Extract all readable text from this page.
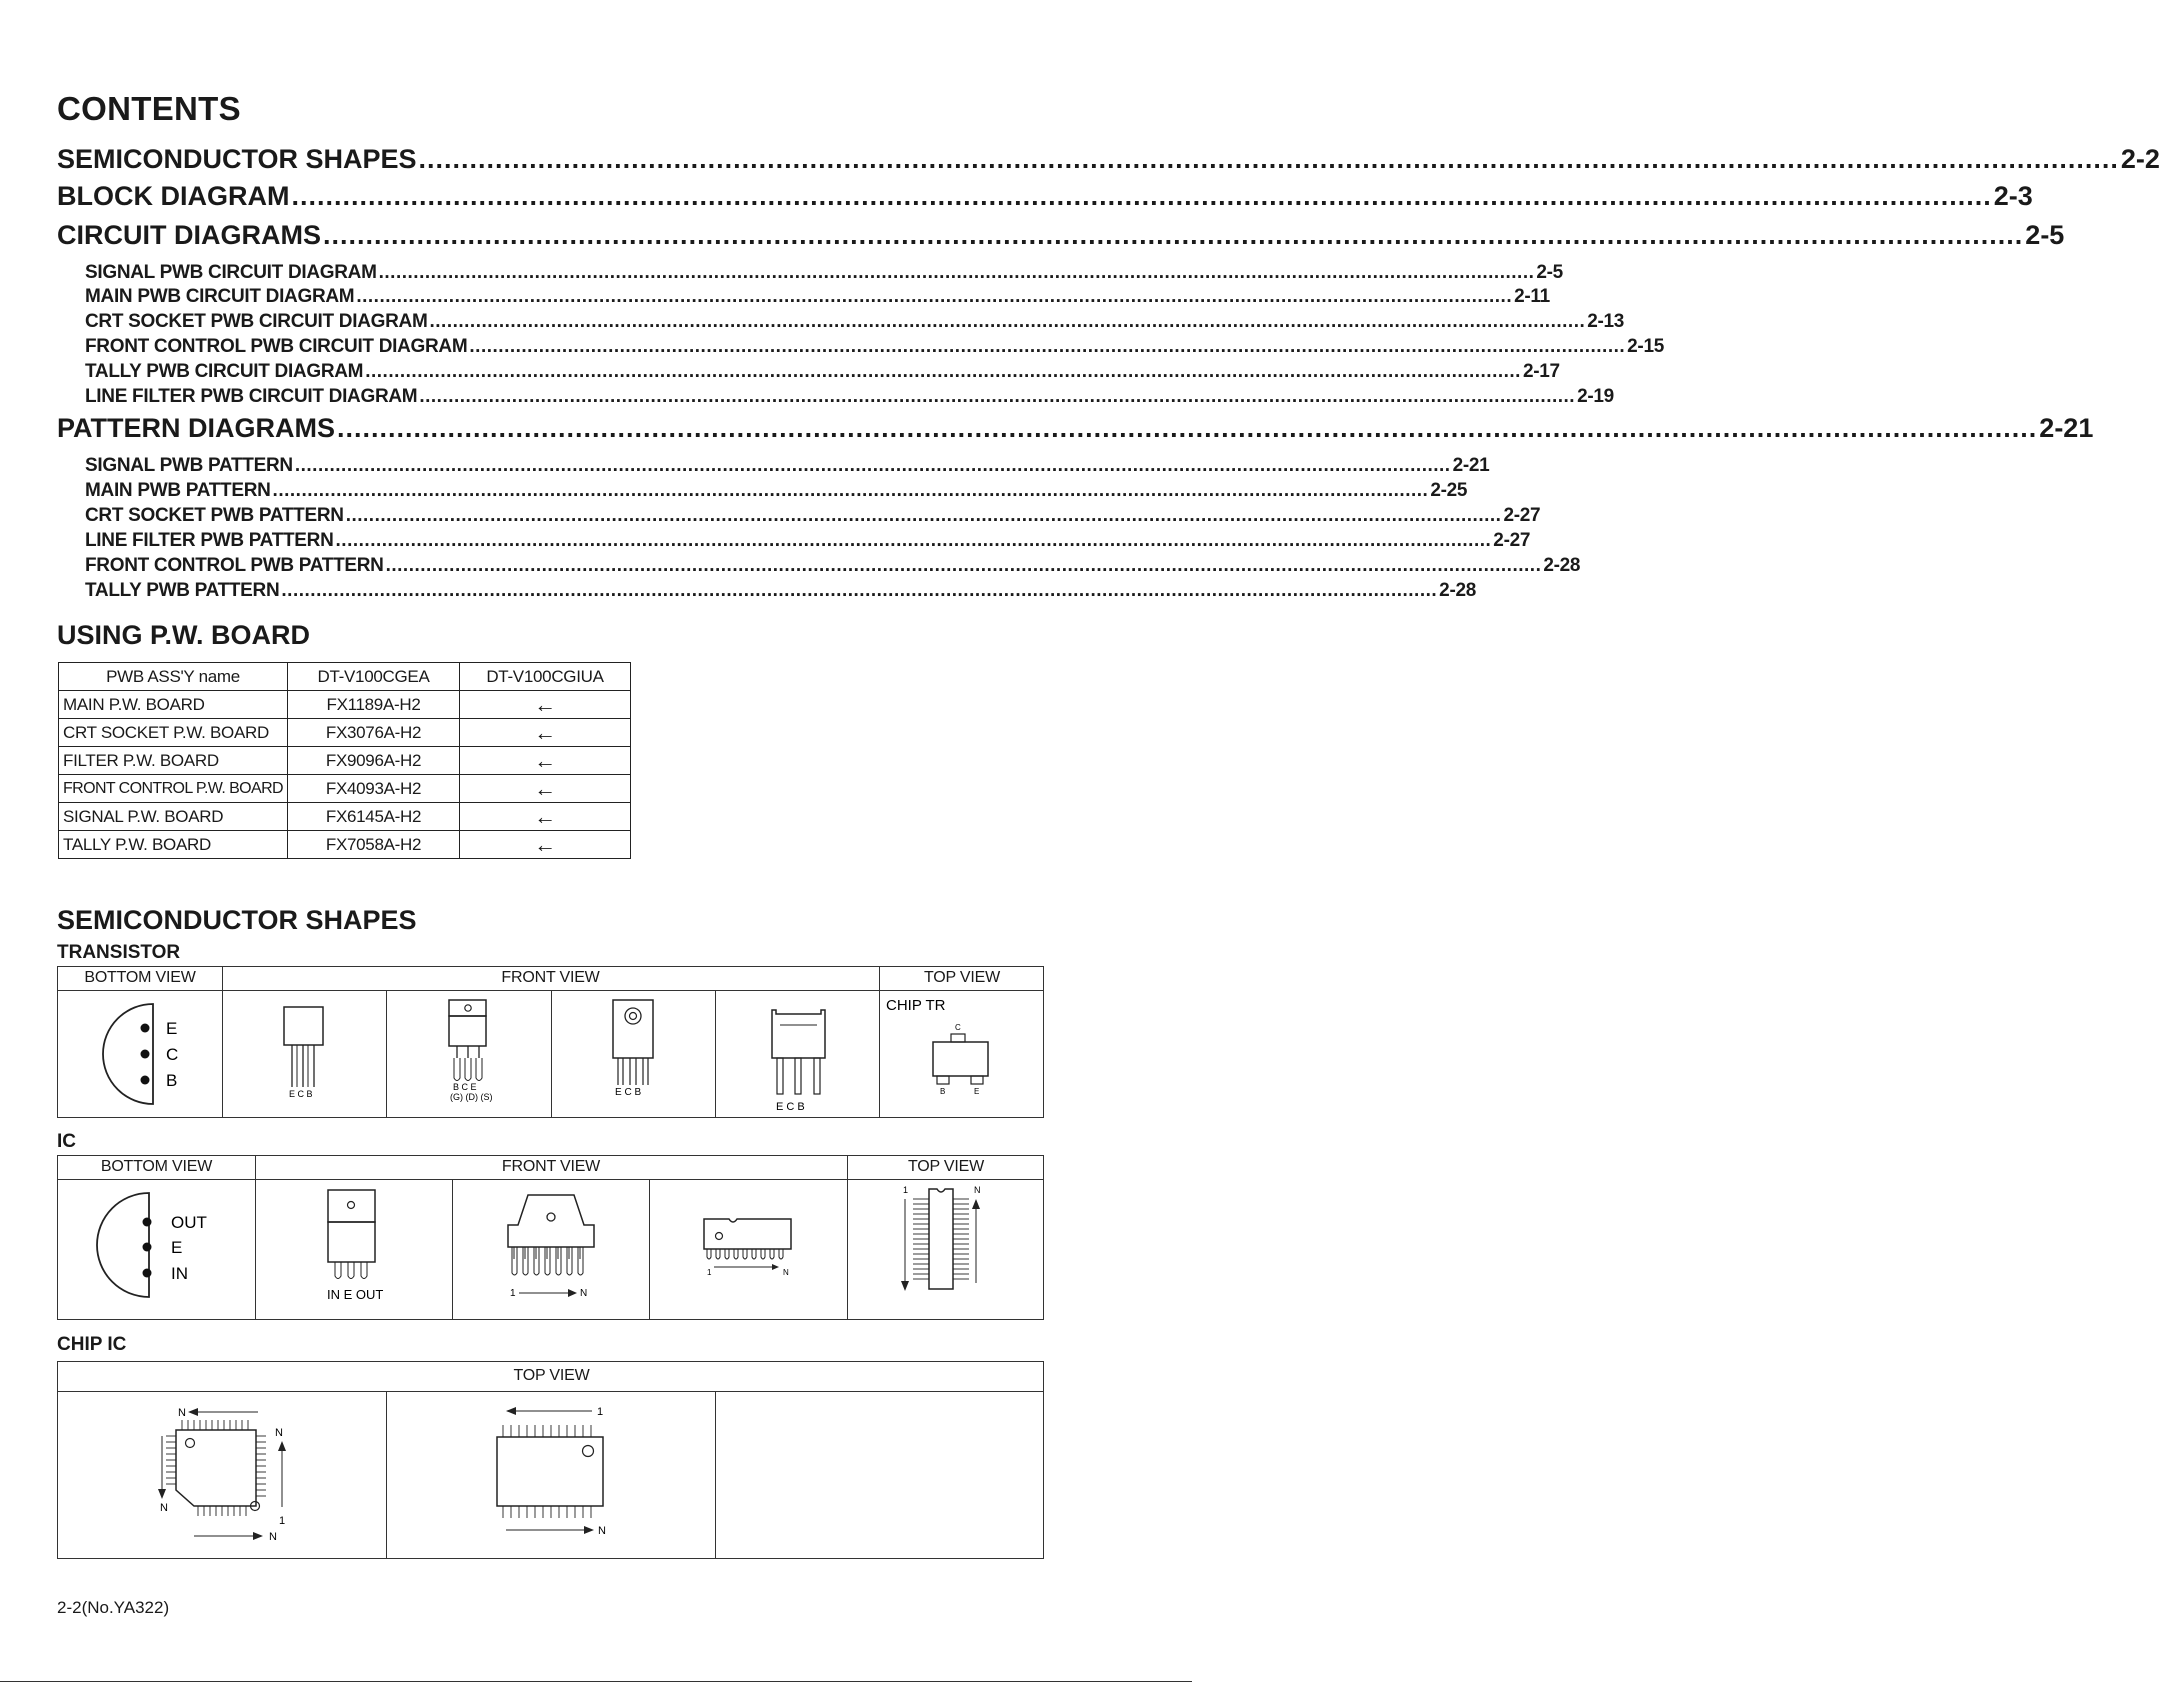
CONTENTS
SEMICONDUCTOR SHAPES ........................................................................................................................................................................................................ 2-2
BLOCK DIAGRAM ........................................................................................................................................................................................................ 2-3
CIRCUIT DIAGRAMS ........................................................................................................................................................................................................ 2-5
SIGNAL PWB CIRCUIT DIAGRAM ........................................................................................................................................................................................................ 2-5
MAIN PWB CIRCUIT DIAGRAM ........................................................................................................................................................................................................ 2-11
CRT SOCKET PWB CIRCUIT DIAGRAM ........................................................................................................................................................................................................ 2-13
FRONT CONTROL PWB CIRCUIT DIAGRAM ........................................................................................................................................................................................................ 2-15
TALLY PWB CIRCUIT DIAGRAM ........................................................................................................................................................................................................ 2-17
LINE FILTER PWB CIRCUIT DIAGRAM ........................................................................................................................................................................................................ 2-19
PATTERN DIAGRAMS ........................................................................................................................................................................................................ 2-21
SIGNAL PWB PATTERN ........................................................................................................................................................................................................ 2-21
MAIN PWB PATTERN ........................................................................................................................................................................................................ 2-25
CRT SOCKET PWB PATTERN ........................................................................................................................................................................................................ 2-27
LINE FILTER PWB PATTERN ........................................................................................................................................................................................................ 2-27
FRONT CONTROL PWB PATTERN ........................................................................................................................................................................................................ 2-28
TALLY PWB PATTERN ........................................................................................................................................................................................................ 2-28
USING P.W. BOARD
PWB ASS'Y name	DT-V100CGEA	DT-V100CGIUA
MAIN P.W. BOARD	FX1189A-H2	←
CRT SOCKET P.W. BOARD	FX3076A-H2	←
FILTER P.W. BOARD	FX9096A-H2	←
FRONT CONTROL P.W. BOARD	FX4093A-H2	←
SIGNAL P.W. BOARD	FX6145A-H2	←
TALLY P.W. BOARD	FX7058A-H2	←
SEMICONDUCTOR SHAPES
TRANSISTOR
BOTTOM VIEW	FRONT VIEW	TOP VIEW
E
C
B
E C B
B C E
(G) (D) (S)	E C B
E C B
CHIP TR
C
B	E
IC
BOTTOM VIEW	FRONT VIEW	TOP VIEW
OUT
E
IN
IN E OUT	1	N
1	N
1	N
CHIP IC
TOP VIEW
N
N
N
1
N
1
N
2-2(No.YA322)
